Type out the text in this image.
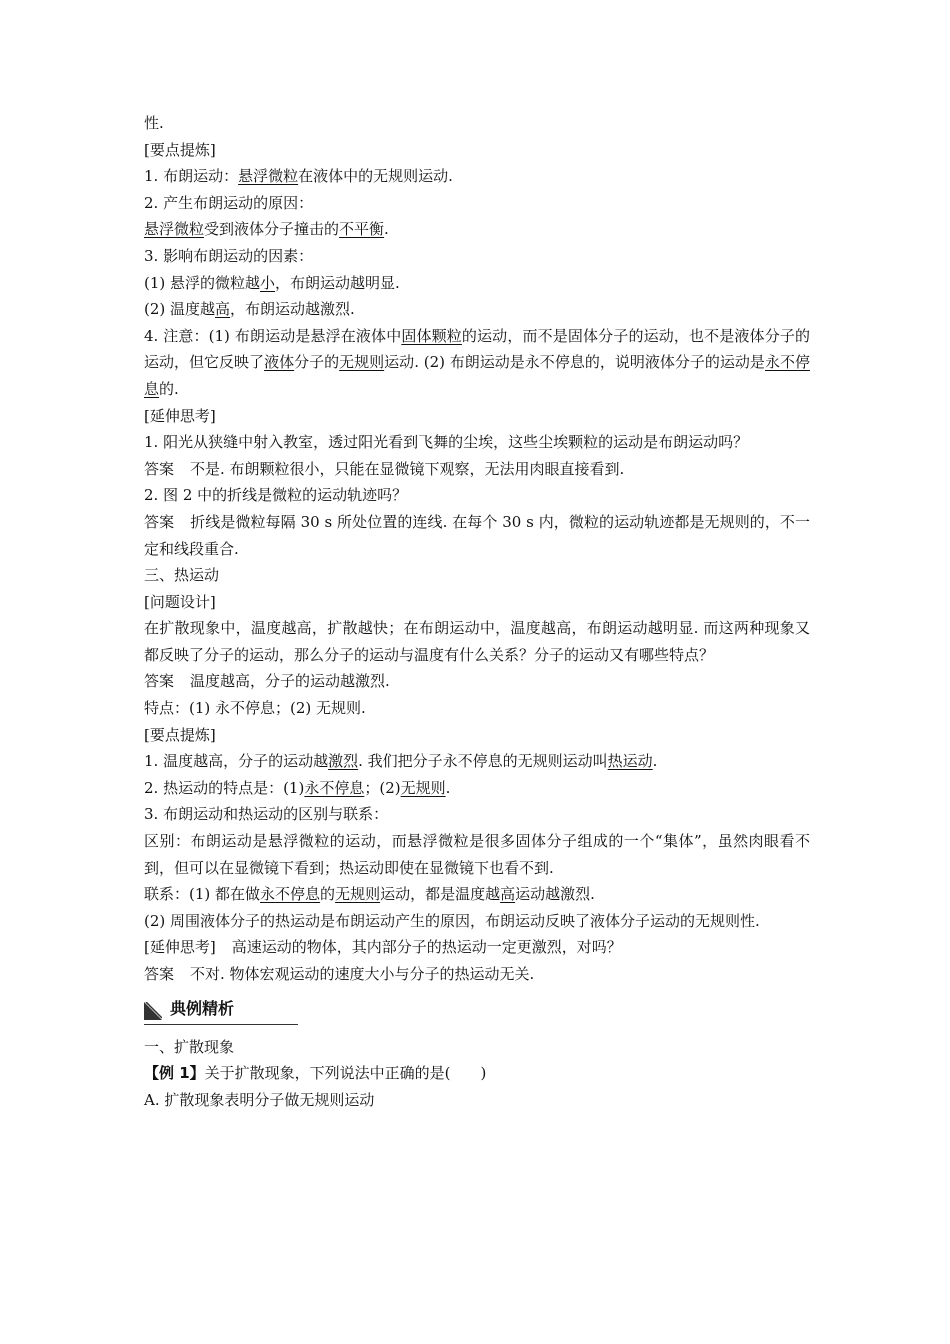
性.

[要点提炼]

1. 布朗运动：悬浮微粒在液体中的无规则运动.

2. 产生布朗运动的原因：

悬浮微粒受到液体分子撞击的不平衡.

3. 影响布朗运动的因素：

(1) 悬浮的微粒越小，布朗运动越明显.

(2) 温度越高，布朗运动越激烈.

4. 注意：(1) 布朗运动是悬浮在液体中固体颗粒的运动，而不是固体分子的运动，也不是液体分子的运动，但它反映了液体分子的无规则运动. (2) 布朗运动是永不停息的，说明液体分子的运动是永不停息的.

[延伸思考]

1. 阳光从狭缝中射入教室，透过阳光看到飞舞的尘埃，这些尘埃颗粒的运动是布朗运动吗？

答案 不是. 布朗颗粒很小，只能在显微镜下观察，无法用肉眼直接看到.

2. 图 2 中的折线是微粒的运动轨迹吗？

答案 折线是微粒每隔 30 s 所处位置的连线. 在每个 30 s 内，微粒的运动轨迹都是无规则的，不一定和线段重合.

三、热运动

[问题设计]

在扩散现象中，温度越高，扩散越快；在布朗运动中，温度越高，布朗运动越明显. 而这两种现象又都反映了分子的运动，那么分子的运动与温度有什么关系？分子的运动又有哪些特点？

答案 温度越高，分子的运动越激烈.

特点：(1) 永不停息；(2) 无规则.

[要点提炼]

1. 温度越高，分子的运动越激烈. 我们把分子永不停息的无规则运动叫热运动.

2. 热运动的特点是：(1)永不停息；(2)无规则.

3. 布朗运动和热运动的区别与联系：

区别：布朗运动是悬浮微粒的运动，而悬浮微粒是很多固体分子组成的一个“集体”，虽然肉眼看不到，但可以在显微镜下看到；热运动即使在显微镜下也看不到.

联系：(1) 都在做永不停息的无规则运动，都是温度越高运动越激烈.

(2) 周围液体分子的热运动是布朗运动产生的原因，布朗运动反映了液体分子运动的无规则性.

[延伸思考] 高速运动的物体，其内部分子的热运动一定更激烈，对吗？

答案 不对. 物体宏观运动的速度大小与分子的热运动无关.

典例精析

一、扩散现象

【例 1】关于扩散现象，下列说法中正确的是(　　)

A. 扩散现象表明分子做无规则运动
